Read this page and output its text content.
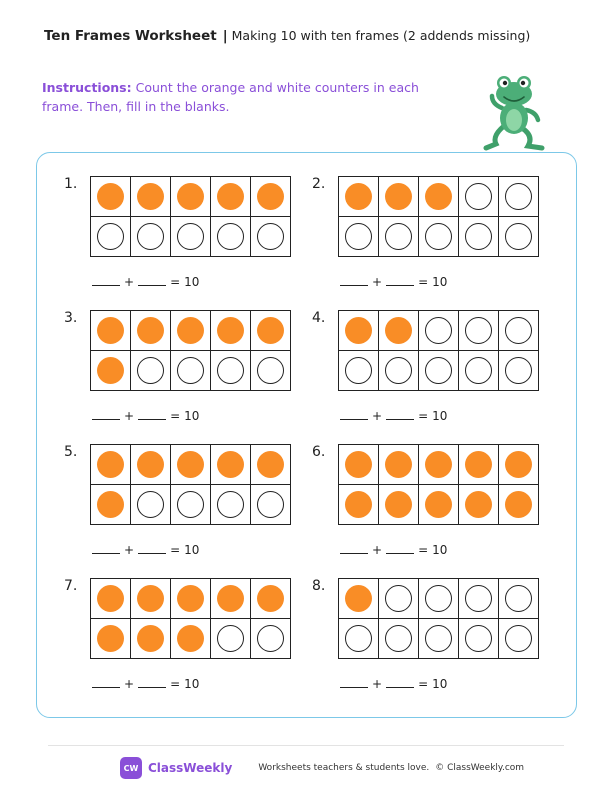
Ten Frames Worksheet | Making 10 with ten frames (2 addends missing)
Instructions: Count the orange and white counters in each frame. Then, fill in the blanks.
1.
+	= 10
2.
+	= 10
3.
+	= 10
4.
+	= 10
5.
+	= 10
6.
+	= 10
7.
+	= 10
8.
+	= 10
CW ClassWeekly	Worksheets teachers & students love. © ClassWeekly.com
